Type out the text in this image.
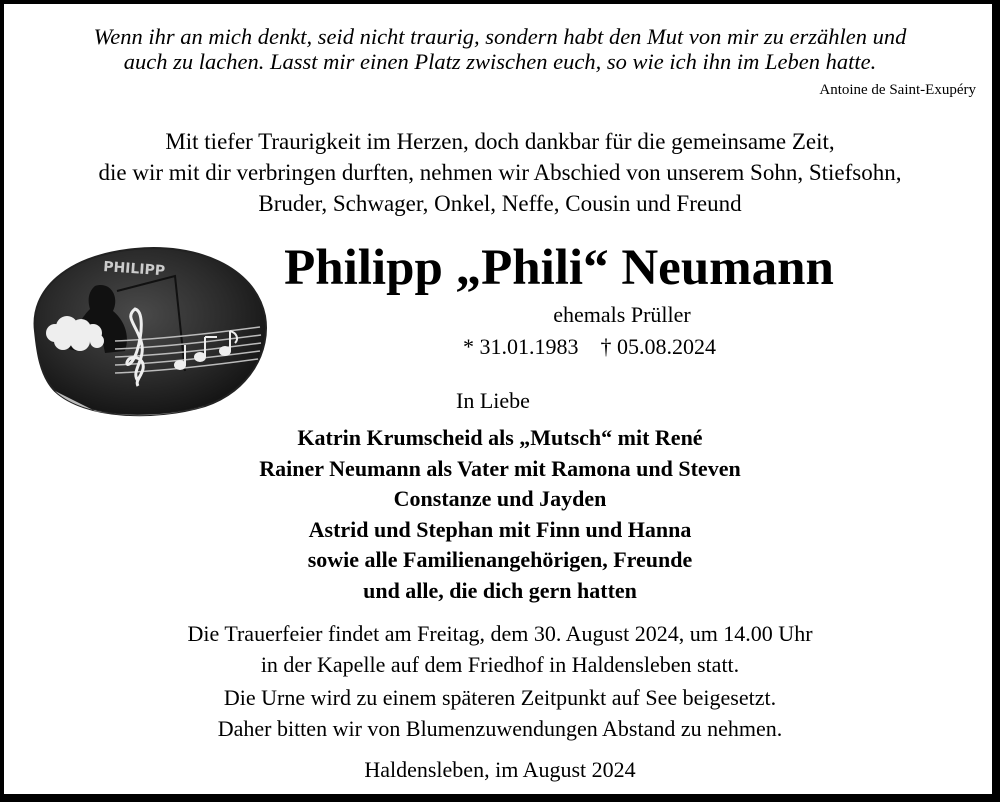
Wenn ihr an mich denkt, seid nicht traurig, sondern habt den Mut von mir zu erzählen und
auch zu lachen. Lasst mir einen Platz zwischen euch, so wie ich ihn im Leben hatte.
Antoine de Saint-Exupéry
Mit tiefer Traurigkeit im Herzen, doch dankbar für die gemeinsame Zeit,
die wir mit dir verbringen durften, nehmen wir Abschied von unserem Sohn, Stiefsohn,
Bruder, Schwager, Onkel, Neffe, Cousin und Freund
PHILIPP	Philipp „Phili“ Neumann
ehemals Prüller
* 31.01.1983    † 05.08.2024
In Liebe
Katrin Krumscheid als „Mutsch“ mit René
Rainer Neumann als Vater mit Ramona und Steven
Constanze und Jayden
Astrid und Stephan mit Finn und Hanna
sowie alle Familienangehörigen, Freunde
und alle, die dich gern hatten
Die Trauerfeier findet am Freitag, dem 30. August 2024, um 14.00 Uhr
in der Kapelle auf dem Friedhof in Haldensleben statt.
Die Urne wird zu einem späteren Zeitpunkt auf See beigesetzt.
Daher bitten wir von Blumenzuwendungen Abstand zu nehmen.
Haldensleben, im August 2024
